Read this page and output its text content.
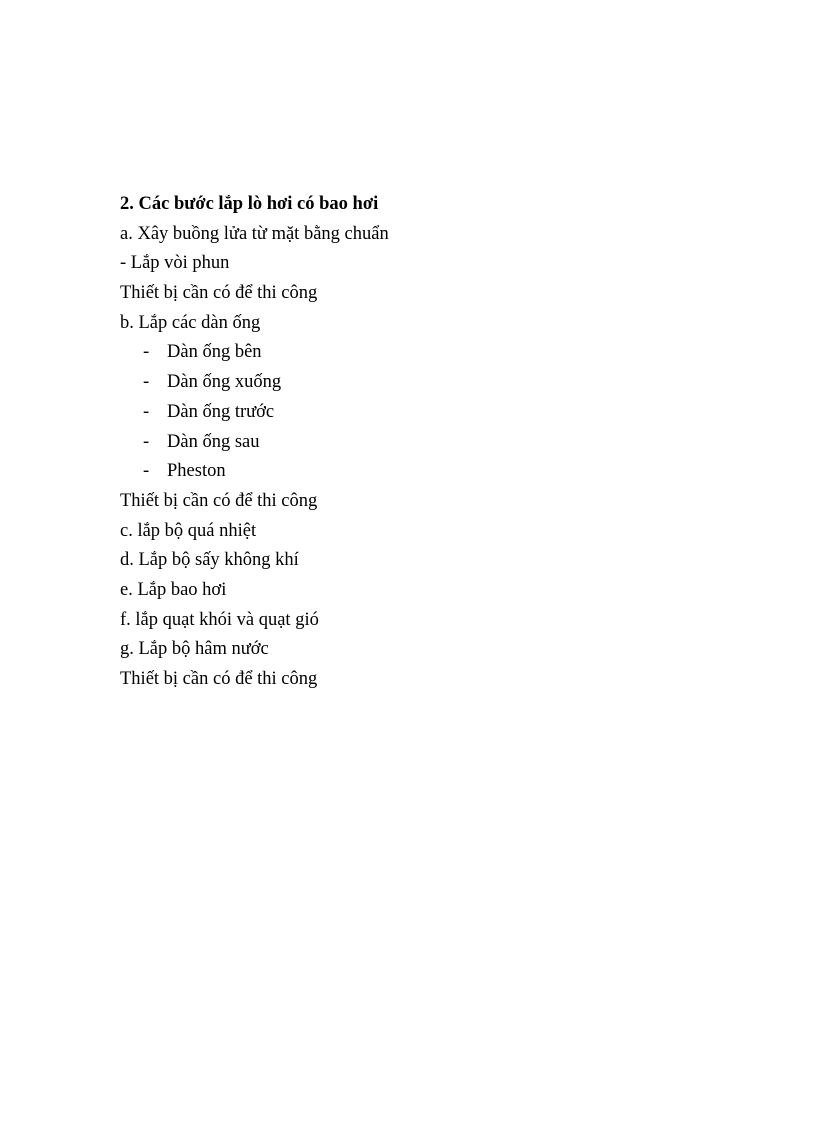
2. Các bước lắp lò hơi có bao hơi

a. Xây buồng lửa từ mặt bằng chuẩn

- Lắp vòi phun

Thiết bị cần có để thi công

b. Lắp các dàn ống

- Dàn ống bên

- Dàn ống xuống

- Dàn ống trước

- Dàn ống sau

- Pheston

Thiết bị cần có để thi công

c. lắp bộ quá nhiệt

d. Lắp bộ sấy không khí

e. Lắp bao hơi

f. lắp quạt khói và quạt gió

g. Lắp bộ hâm nước

Thiết bị cần có để thi công
